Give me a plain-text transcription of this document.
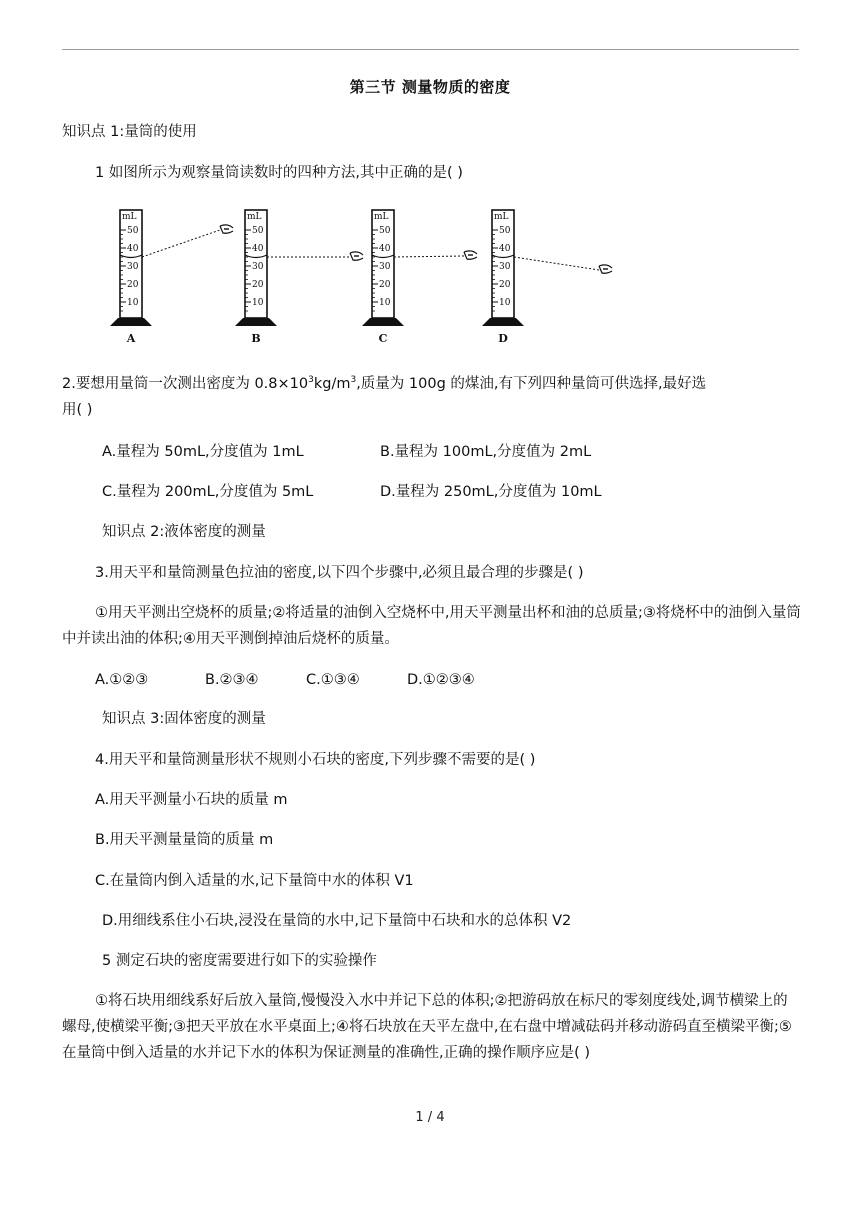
第三节 测量物质的密度
知识点 1:量筒的使用
1 如图所示为观察量筒读数时的四种方法,其中正确的是( )
mL
50
40
30
20
10
A
mL
50
40
30
20
10
B
mL
50
40
30
20
10
C
mL
50
40
30
20
10
D
2.要想用量筒一次测出密度为 $0.8\times 10^3kg/m^3$,质量为 100g 的煤油,有下列四种量筒可供选择,最好选
用( )
A.量程为 50mL,分度值为 1mL	B.量程为 100mL,分度值为 2mL
C.量程为 200mL,分度值为 5mL	D.量程为 250mL,分度值为 10mL
知识点 2:液体密度的测量
3.用天平和量筒测量色拉油的密度,以下四个步骤中,必须且最合理的步骤是( )
①用天平测出空烧杯的质量;②将适量的油倒入空烧杯中,用天平测量出杯和油的总质量;③将烧杯中的油倒入量筒中并读出油的体积;④用天平测倒掉油后烧杯的质量。
A.①②③	B.②③④	C.①③④	D.①②③④
知识点 3:固体密度的测量
4.用天平和量筒测量形状不规则小石块的密度,下列步骤不需要的是( )
A.用天平测量小石块的质量 m
B.用天平测量量筒的质量 m
C.在量筒内倒入适量的水,记下量筒中水的体积 V1
D.用细线系住小石块,浸没在量筒的水中,记下量筒中石块和水的总体积 V2
5 测定石块的密度需要进行如下的实验操作
①将石块用细线系好后放入量筒,慢慢没入水中并记下总的体积;②把游码放在标尺的零刻度线处,调节横梁上的螺母,使横梁平衡;③把天平放在水平桌面上;④将石块放在天平左盘中,在右盘中增减砝码并移动游码直至横梁平衡;⑤在量筒中倒入适量的水并记下水的体积为保证测量的准确性,正确的操作顺序应是( )
1 / 4
